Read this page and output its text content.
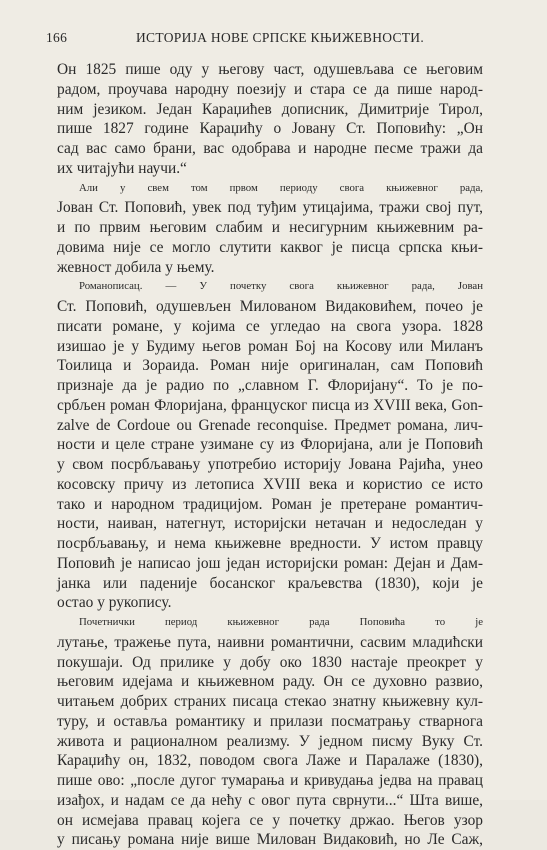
166	ИСТОРИЈА НОВЕ СРПСКЕ КЊИЖЕВНОСТИ.

Он 1825 пише оду у његову част, одушевљава се његовим
радом, проучава народну поезију и стара се да пише народ-
ним језиком. Један Караџићев дописник, Димитрије Тирол,
пише 1827 године Караџићу о Јовану Ст. Поповићу: „Он
сад вас само брани, вас одобрава и народне песме тражи да
их читајући научи.“

Али у свем том првом периоду свога књижевног рада,
Јован Ст. Поповић, увек под туђим утицајима, тражи свој пут,
и по првим његовим слабим и несигурним књижевним ра-
довима није се могло слутити каквог је писца српска књи-
жевност добила у њему.

Романописац. — У почетку свога књижевног рада, Јован
Ст. Поповић, одушевљен Милованом Видаковићем, почео је
писати романе, у којима се угледао на свога узора. 1828
изишао је у Будиму његов роман Бој на Косову или Миланъ
Тоилица и Зораида. Роман није оригиналан, сам Поповић
признаје да је радио по „славном Г. Флоријану“. То је по-
србљен роман Флоријана, француског писца из XVIII века, Gon-
zalve de Cordoue ou Grenade reconquise. Предмет романа, лич-
ности и целе стране узимане су из Флоријана, али је Поповић
у свом посрбљавању употребио историју Јована Рајића, унео
косовску причу из летописа XVIII века и користио се исто
тако и народном традицијом. Роман је претеране романтич-
ности, наиван, натегнут, историјски нетачан и недоследан у
посрбљавању, и нема књижевне вредности. У истом правцу
Поповић је написао још један историјски роман: Дејан и Дам-
јанка или паденије босанског краљевства (1830), који је
остао у рукопису.

Почетнички период књижевног рада Поповића то је
лутање, тражење пута, наивни романтични, сасвим младићски
покушаји. Од прилике у добу око 1830 настаје преокрет у
његовим идејама и књижевном раду. Он се духовно развио,
читањем добрих страних писаца стекао знатну књижевну кул-
туру, и оставља романтику и прилази посматрању стварнога
живота и рационалном реализму. У једном писму Вуку Ст.
Караџићу он, 1832, поводом свога Лаже и Паралаже (1830),
пише ово: „после дугог тумарања и кривудања једва на правац
изађох, и надам се да нећу с овог пута сврнути...“ Шта више,
он исмејава правац којега се у почетку држао. Његов узор
у писању романа није више Милован Видаковић, но Ле Саж,
